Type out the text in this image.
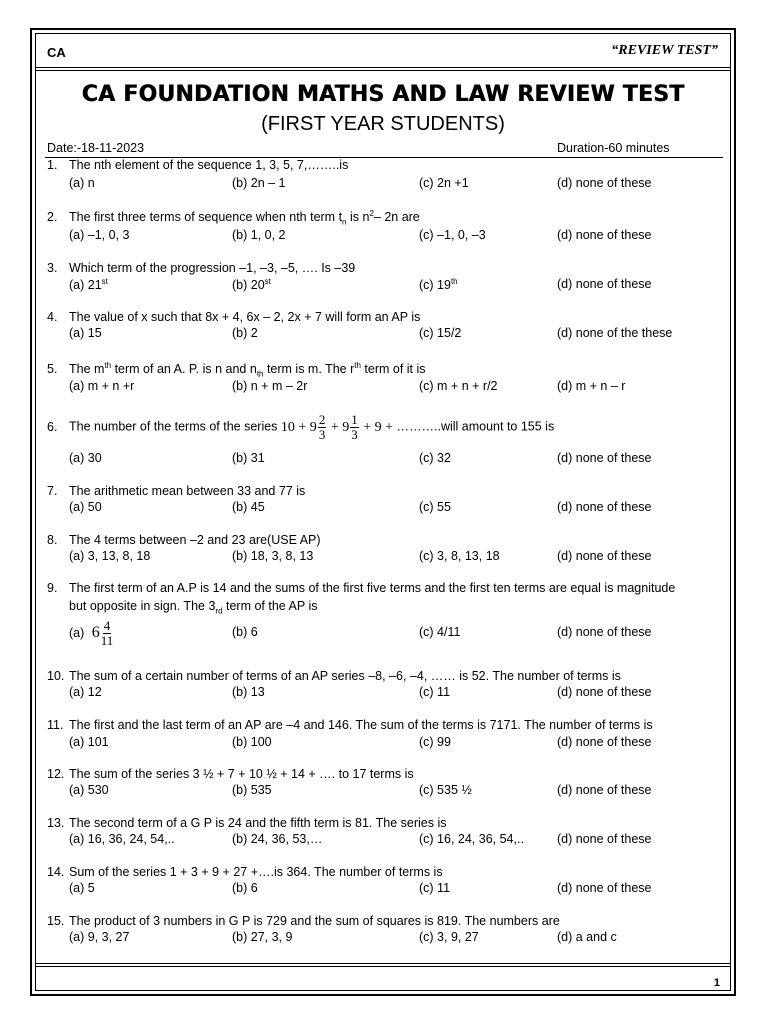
CA	“REVIEW TEST”
CA FOUNDATION MATHS AND LAW REVIEW TEST
(FIRST YEAR STUDENTS)
Date:-18-11-2023	Duration-60 minutes
1. The nth element of the sequence 1, 3, 5, 7,……..is
(a) n	(b) 2n – 1	(c) 2n +1	(d) none of these
2. The first three terms of sequence when nth term $t_n$ is $n^2-$ 2n are
(a) –1, 0, 3	(b) 1, 0, 2	(c) –1, 0, –3	(d) none of these
3. Which term of the progression –1, –3, –5, …. Is –39
(a) 21st	(b) 20st	(c) 19th	(d) none of these
4. The value of x such that 8x + 4, 6x – 2, 2x + 7 will form an AP is
(a) 15	(b) 2	(c) 15/2	(d) none of the these
5. The $m^{th}$ term of an A. P. is n and $n_{th}$ term is m. The $r^{th}$ term of it is
(a) m + n +r	(b) n + m – 2r	(c) m + n + r/2	(d) m + n – r
6. The number of the terms of the series $10 + 9 \frac{2}{3} + 9 \frac{1}{3} + 9$ + ………..will amount to 155 is
(a) 30	(b) 31	(c) 32	(d) none of these
7. The arithmetic mean between 33 and 77 is
(a) 50	(b) 45	(c) 55	(d) none of these
8. The 4 terms between –2 and 23 are(USE AP)
(a) 3, 13, 8, 18	(b) 18, 3, 8, 13	(c) 3, 8, 13, 18	(d) none of these
9. The first term of an A.P is 14 and the sums of the first five terms and the first ten terms are equal is magnitude
but opposite in sign. The $3_{rd}$ term of the AP is
(a) $6 \frac{4}{11}$	(b) 6	(c) 4/11	(d) none of these
10. The sum of a certain number of terms of an AP series –8, –6, –4, …… is 52. The number of terms is
(a) 12	(b) 13	(c) 11	(d) none of these
11. The first and the last term of an AP are –4 and 146. The sum of the terms is 7171. The number of terms is
(a) 101	(b) 100	(c) 99	(d) none of these
12. The sum of the series 3 ½ + 7 + 10 ½ + 14 + …. to 17 terms is
(a) 530	(b) 535	(c) 535 ½	(d) none of these
13. The second term of a G P is 24 and the fifth term is 81. The series is
(a) 16, 36, 24, 54,..	(b) 24, 36, 53,…	(c) 16, 24, 36, 54,..	(d) none of these
14. Sum of the series 1 + 3 + 9 + 27 +….is 364. The number of terms is
(a) 5	(b) 6	(c) 11	(d) none of these
15. The product of 3 numbers in G P is 729 and the sum of squares is 819. The numbers are
(a) 9, 3, 27	(b) 27, 3, 9	(c) 3, 9, 27	(d) a and c
1
